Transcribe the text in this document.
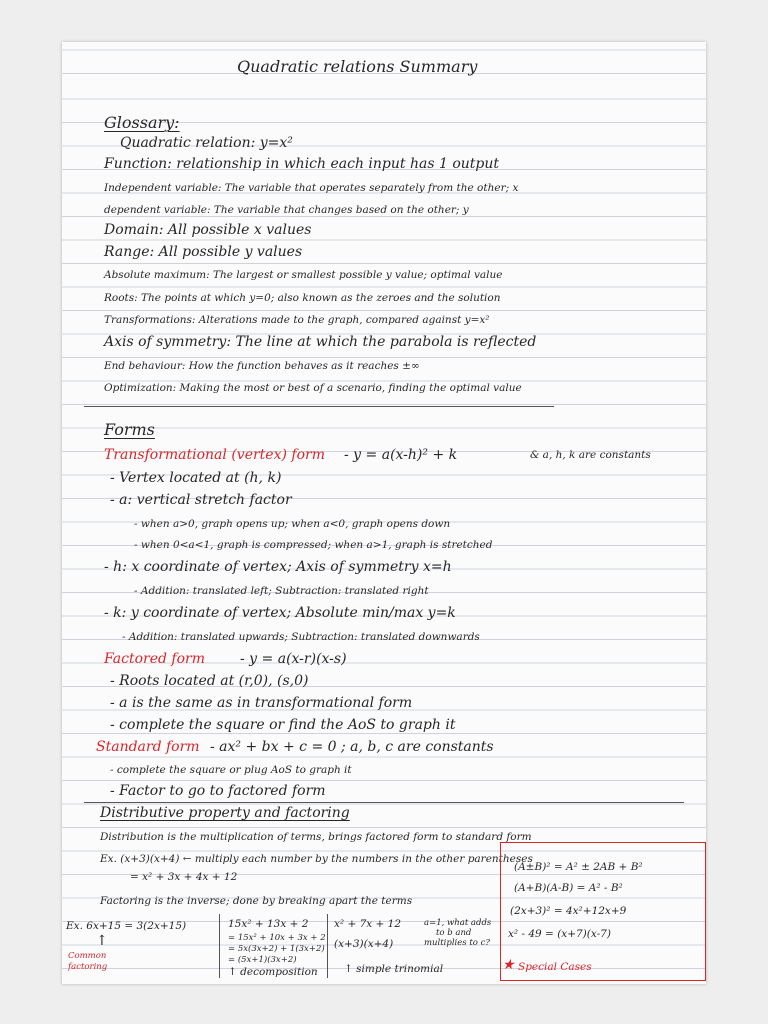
Quadratic relations Summary
Glossary:
Quadratic relation: y=x²
Function: relationship in which each input has 1 output
Independent variable: The variable that operates separately from the other; x
dependent variable: The variable that changes based on the other; y
Domain: All possible x values
Range: All possible y values
Absolute maximum: The largest or smallest possible y value; optimal value
Roots: The points at which y=0; also known as the zeroes and the solution
Transformations: Alterations made to the graph, compared against y=x²
Axis of symmetry: The line at which the parabola is reflected
End behaviour: How the function behaves as it reaches ±∞
Optimization: Making the most or best of a scenario, finding the optimal value
Forms
Transformational (vertex) form - y = a(x-h)² + k	& a, h, k are constants
- Vertex located at (h, k)
- a: vertical stretch factor
- when a>0, graph opens up; when a<0, graph opens down
- when 0<a<1, graph is compressed; when a>1, graph is stretched
- h: x coordinate of vertex; Axis of symmetry x=h
- Addition: translated left; Subtraction: translated right
- k: y coordinate of vertex; Absolute min/max y=k
- Addition: translated upwards; Subtraction: translated downwards
Factored form	- y = a(x-r)(x-s)
- Roots located at (r,0), (s,0)
- a is the same as in transformational form
- complete the square or find the AoS to graph it
Standard form - ax² + bx + c = 0 ; a, b, c are constants
- complete the square or plug AoS to graph it
- Factor to go to factored form
Distributive property and factoring
Distribution is the multiplication of terms, brings factored form to standard form
Ex. (x+3)(x+4) ← multiply each number by the numbers in the other parentheses
= x² + 3x + 4x + 12
Factoring is the inverse; done by breaking apart the terms
(A±B)² = A² ± 2AB + B²
(A+B)(A-B) = A² - B²
(2x+3)² = 4x²+12x+9
x² - 49 = (x+7)(x-7)
★ Special Cases
Ex. 6x+15 = 3(2x+15)
↑
Common
factoring
15x² + 13x + 2
= 15x² + 10x + 3x + 2
= 5x(3x+2) + 1(3x+2)
= (5x+1)(3x+2)
↑ decomposition
x² + 7x + 12	a=1, what adds
to b and
multiplies to c?
(x+3)(x+4)
↑ simple trinomial
